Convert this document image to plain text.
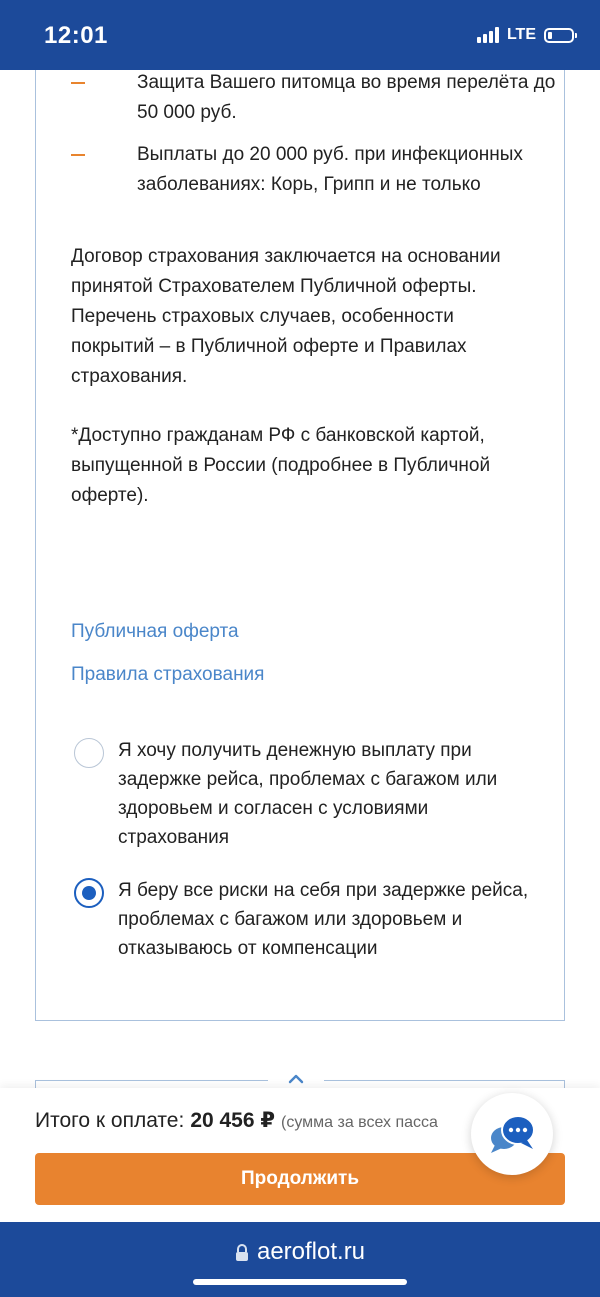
12:01	LTE
Защита Вашего питомца во время перелёта до 50 000 руб.
Выплаты до 20 000 руб. при инфекционных заболеваниях: Корь, Грипп и не только

Договор страхования заключается на основании принятой Страхователем Публичной оферты. Перечень страховых случаев, особенности покрытий – в Публичной оферте и Правилах страхования.

*Доступно гражданам РФ с банковской картой, выпущенной в России (подробнее в Публичной оферте).

Публичная оферта
Правила страхования
Я хочу получить денежную выплату при задержке рейса, проблемах с багажом или здоровьем и согласен с условиями страхования
Я беру все риски на себя при задержке рейса, проблемах с багажом или здоровьем и отказываюсь от компенсации
Итого к оплате: 20 456 ₽ (сумма за всех пасса
Продолжить
aeroflot.ru
